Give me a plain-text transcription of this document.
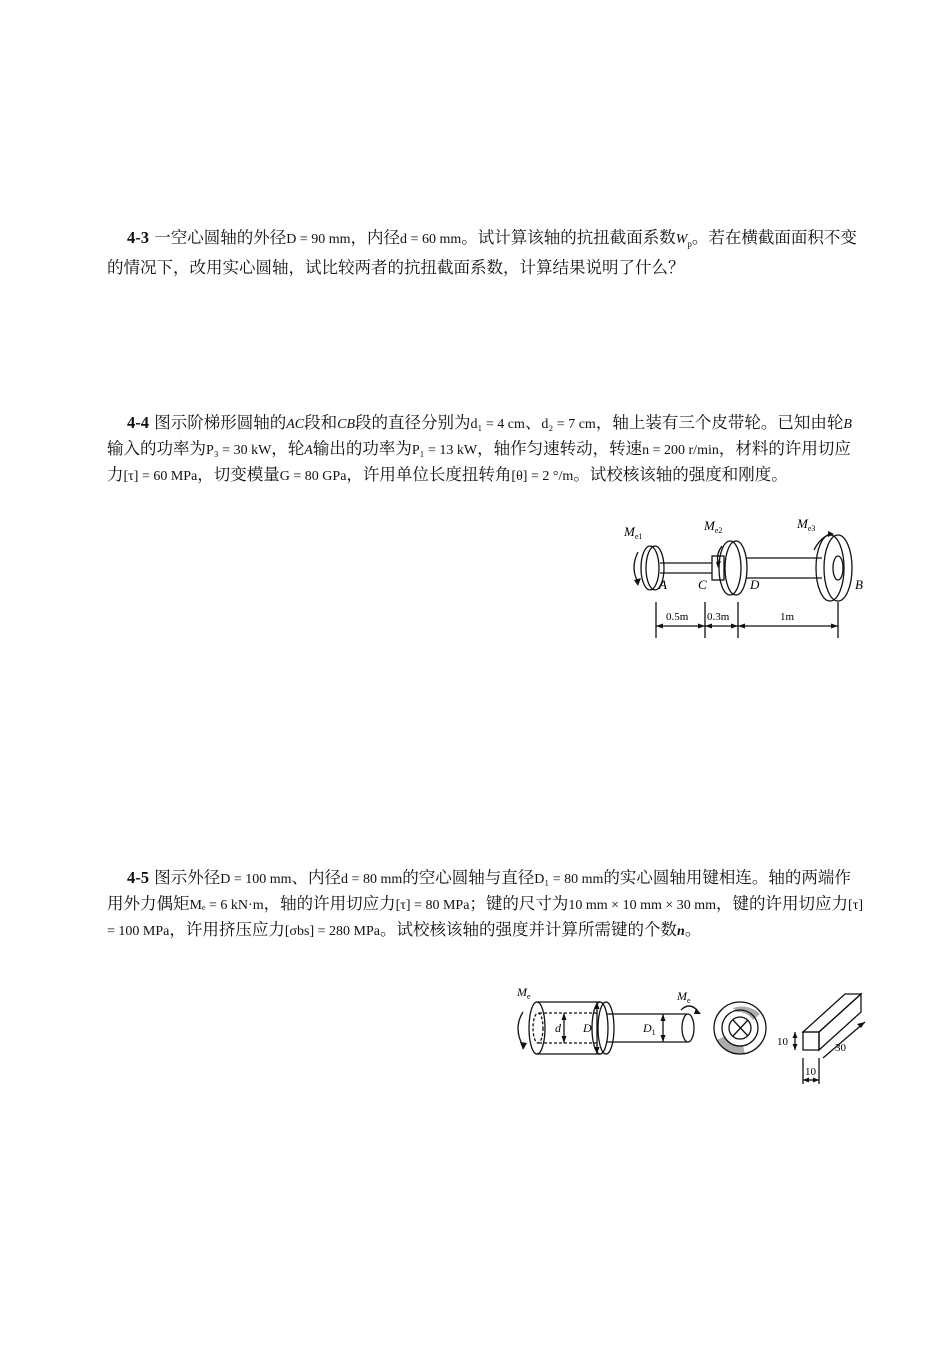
4-3 一空心圆轴的外径D = 90 mm，内径d = 60 mm。试计算该轴的抗扭截面系数$W_p$。若在横截面面积不变的情况下，改用实心圆轴，试比较两者的抗扭截面系数，计算结果说明了什么？

4-4 图示阶梯形圆轴的AC段和CB段的直径分别为d₁ = 4 cm、d₂ = 7 cm，轴上装有三个皮带轮。已知由轮B输入的功率为P₃ = 30 kW，轮A输出的功率为P₁ = 13 kW，轴作匀速转动，转速n = 200 r/min，材料的许用切应力[τ] = 60 MPa，切变模量G = 80 GPa，许用单位长度扭转角[θ] = 2 °/m。试校核该轴的强度和刚度。

$M_{e1}$
$M_{e2}$	$M_{e3}$
A C	D	B
0.5m 0.3m	1m

4-5 图示外径D = 100 mm、内径d = 80 mm的空心圆轴与直径D₁ = 80 mm的实心圆轴用键相连。轴的两端作用外力偶矩Mₑ = 6 kN·m，轴的许用切应力[τ] = 80 MPa；键的尺寸为10 mm × 10 mm × 30 mm，键的许用切应力[τ] = 100 MPa，许用挤压应力[σbs] = 280 MPa。试校核该轴的强度并计算所需键的个数n。

$M_e$	$M_e$
d D	$D_1$
10
10
30
